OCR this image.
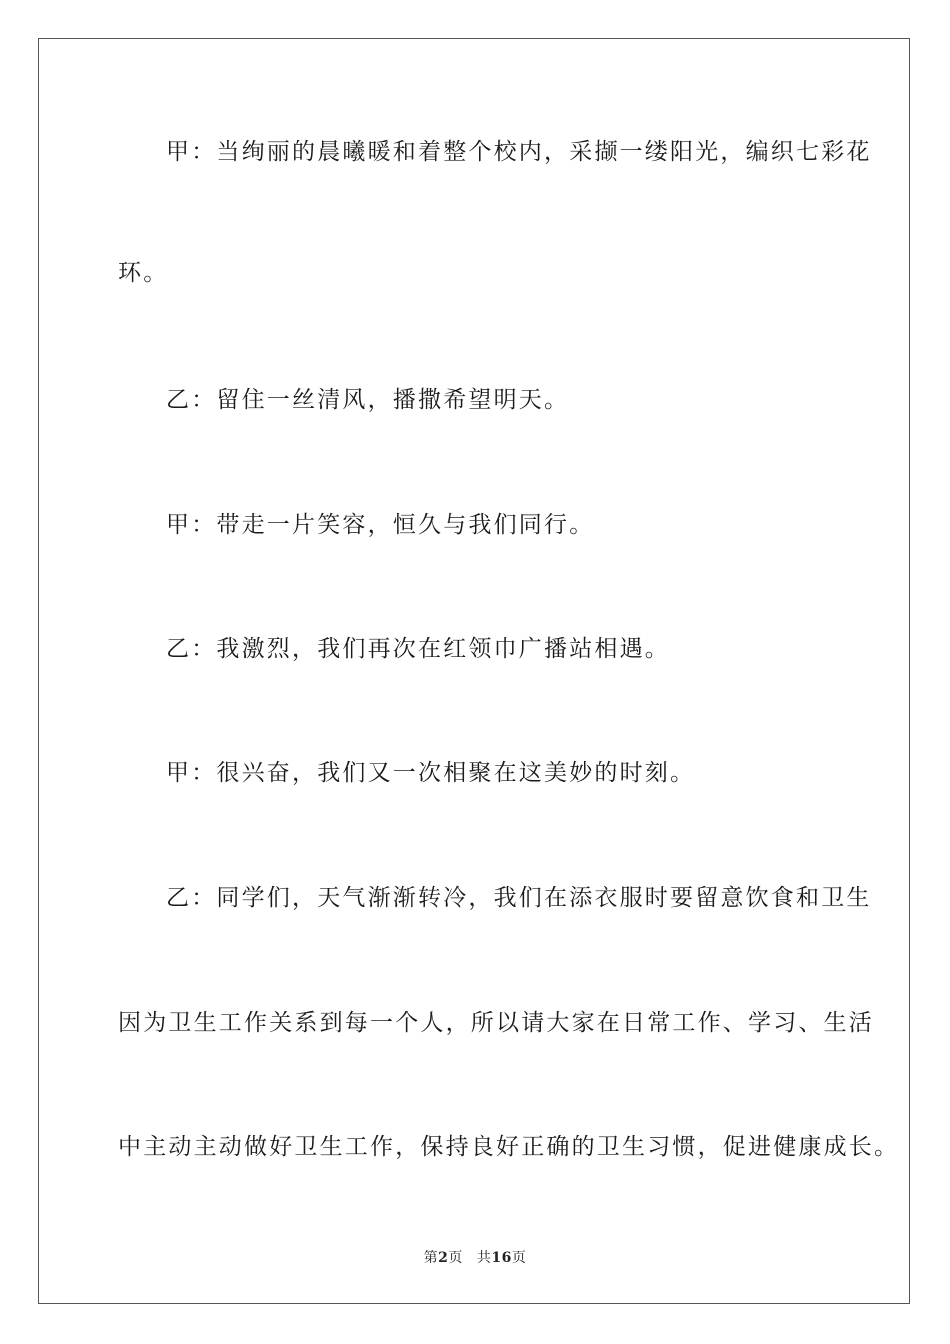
甲：当绚丽的晨曦暖和着整个校内，采撷一缕阳光，编织七彩花
环。
乙：留住一丝清风，播撒希望明天。
甲：带走一片笑容，恒久与我们同行。
乙：我激烈，我们再次在红领巾广播站相遇。
甲：很兴奋，我们又一次相聚在这美妙的时刻。
乙：同学们，天气渐渐转冷，我们在添衣服时要留意饮食和卫生
因为卫生工作关系到每一个人，所以请大家在日常工作、学习、生活
中主动主动做好卫生工作，保持良好正确的卫生习惯，促进健康成长。
第2页 共16页
